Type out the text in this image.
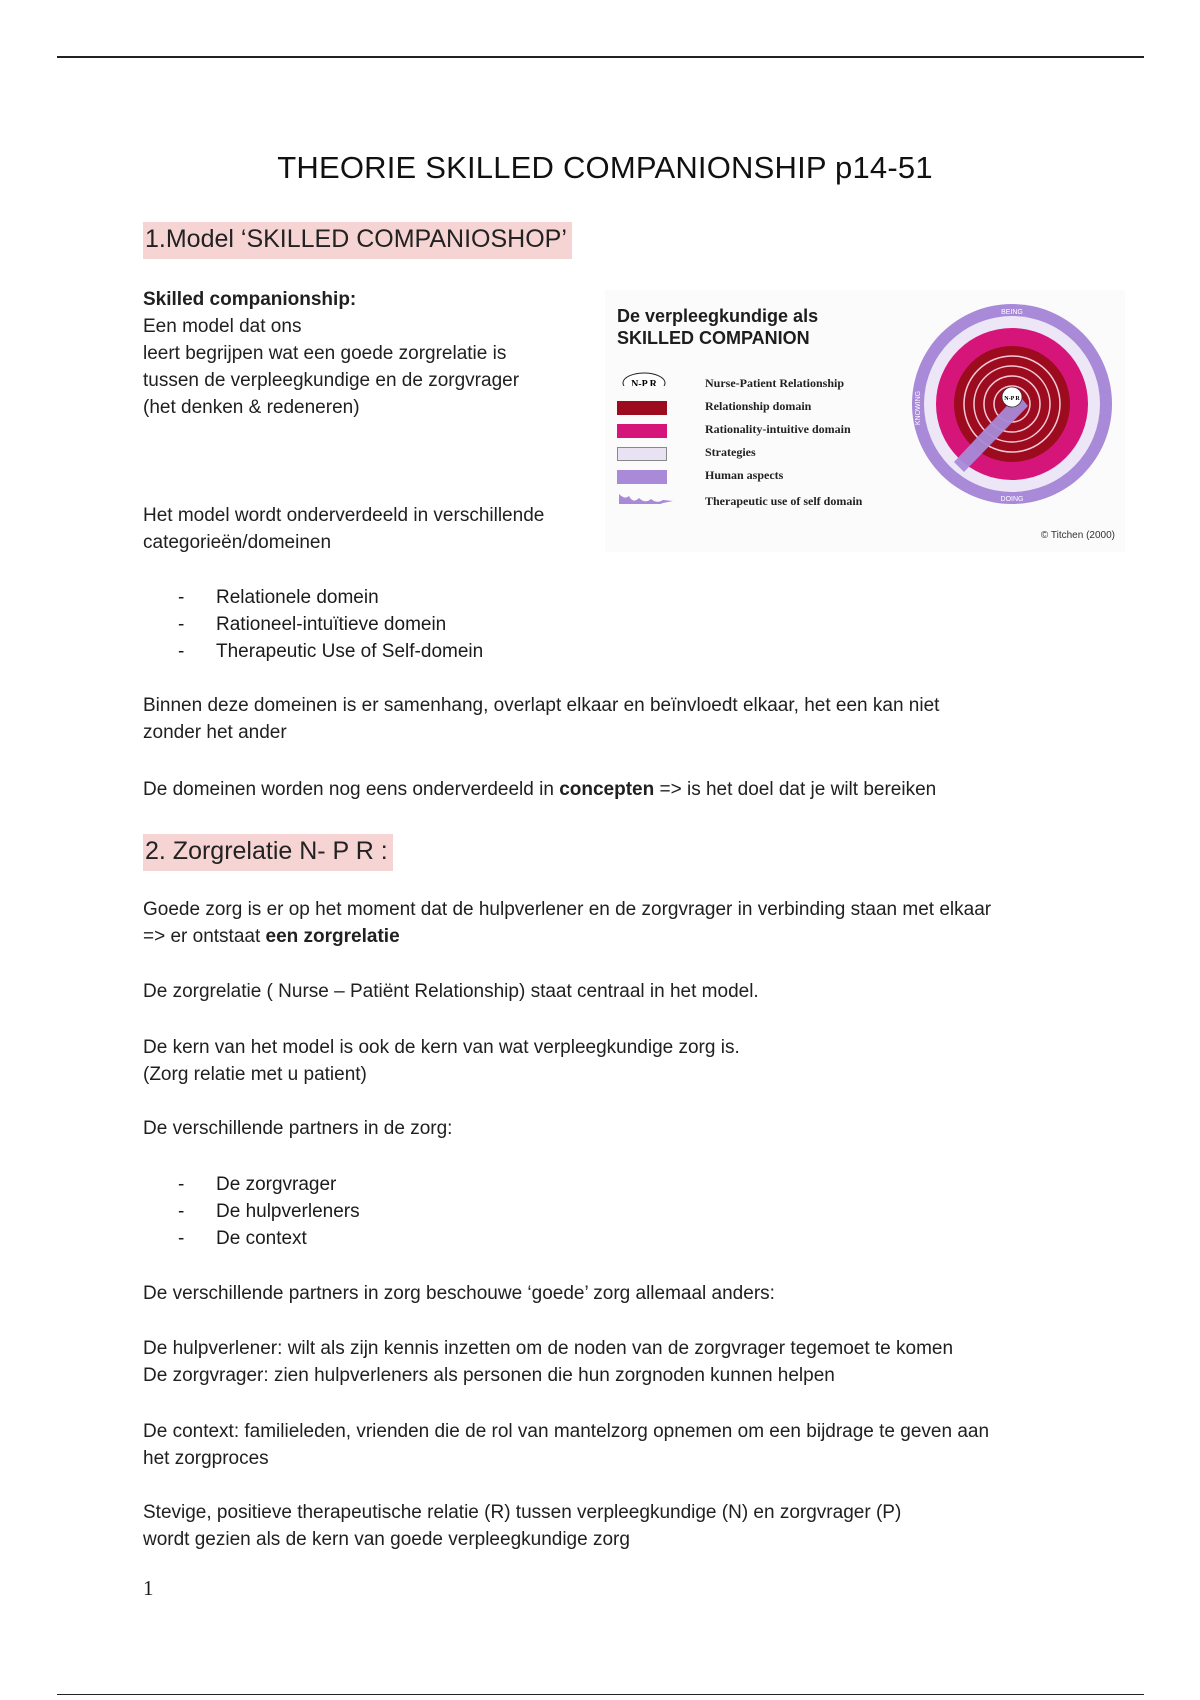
THEORIE SKILLED COMPANIONSHIP p14-51
1.Model ‘SKILLED COMPANIOSHOP’
Skilled companionship:
Een model dat ons
leert begrijpen wat een goede zorgrelatie is
tussen de verpleegkundige en de zorgvrager
(het denken & redeneren)
Het model wordt onderverdeeld in verschillende
categorieën/domeinen
- Relationele domein
- Rationeel-intuïtieve domein
- Therapeutic Use of Self-domein
Binnen deze domeinen is er samenhang, overlapt elkaar en beïnvloedt elkaar, het een kan niet
zonder het ander
De domeinen worden nog eens onderverdeeld in concepten => is het doel dat je wilt bereiken
De verpleegkundige als
SKILLED COMPANION
N-P R	Nurse-Patient Relationship
Relationship domain
Rationality-intuitive domain
Strategies
Human aspects
Therapeutic use of self domain
N-P R
BEING
DOING
KNOWING
© Titchen (2000)
2. Zorgrelatie N- P R :
Goede zorg is er op het moment dat de hulpverlener en de zorgvrager in verbinding staan met elkaar
=> er ontstaat een zorgrelatie
De zorgrelatie ( Nurse – Patiënt Relationship) staat centraal in het model.
De kern van het model is ook de kern van wat verpleegkundige zorg is.
(Zorg relatie met u patient)
De verschillende partners in de zorg:
- De zorgvrager
- De hulpverleners
- De context
De verschillende partners in zorg beschouwe ‘goede’ zorg allemaal anders:
De hulpverlener: wilt als zijn kennis inzetten om de noden van de zorgvrager tegemoet te komen
De zorgvrager: zien hulpverleners als personen die hun zorgnoden kunnen helpen
De context: familieleden, vrienden die de rol van mantelzorg opnemen om een bijdrage te geven aan
het zorgproces
Stevige, positieve therapeutische relatie (R) tussen verpleegkundige (N) en zorgvrager (P)
wordt gezien als de kern van goede verpleegkundige zorg
1
